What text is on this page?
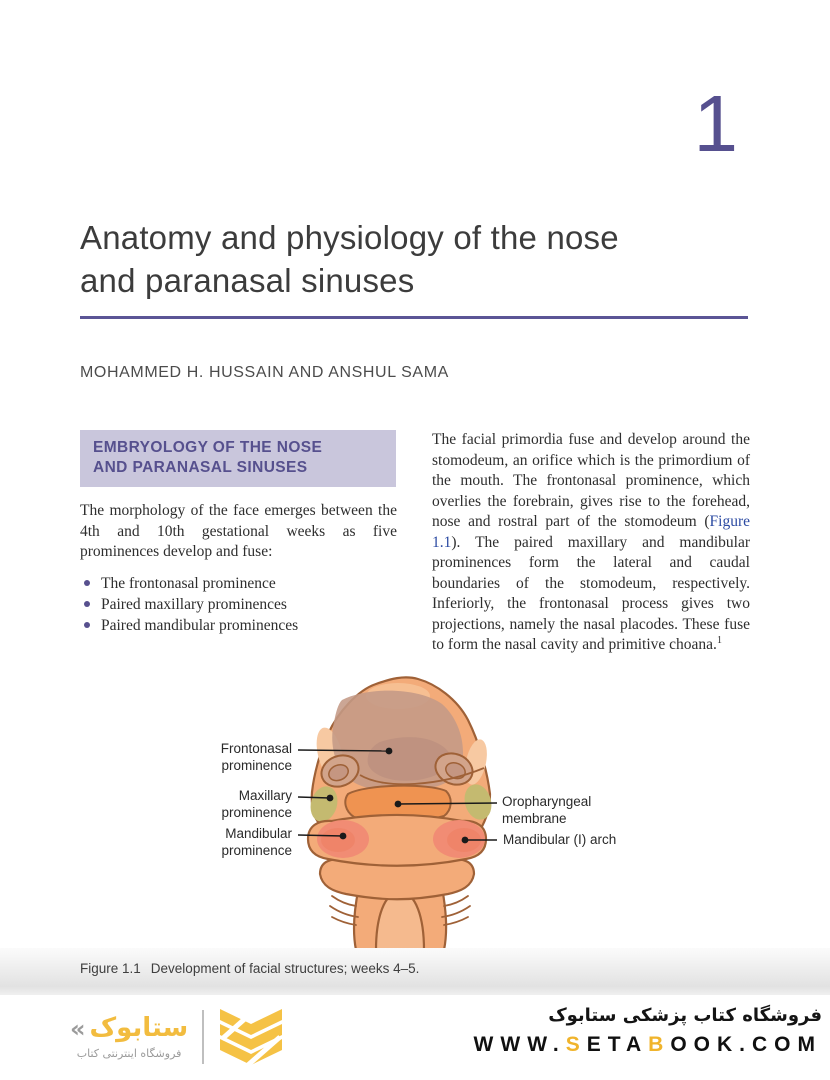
1
Anatomy and physiology of the nose
and paranasal sinuses
MOHAMMED H. HUSSAIN AND ANSHUL SAMA
EMBRYOLOGY OF THE NOSE
AND PARANASAL SINUSES

The morphology of the face emerges between the 4th and 10th gestational weeks as five prominences develop and fuse:

The frontonasal prominence
Paired maxillary prominences
Paired mandibular prominences

The facial primordia fuse and develop around the stomodeum, an orifice which is the primordium of the mouth. The frontonasal prominence, which overlies the forebrain, gives rise to the forehead, nose and rostral part of the stomodeum (Figure 1.1). The paired maxillary and mandibular prominences form the lateral and caudal boundaries of the stomodeum, respectively. Inferiorly, the frontonasal process gives two projections, namely the nasal placodes. These fuse to form the nasal cavity and primitive choana.$^1$

Frontonasal
prominence
Maxillary
prominence
Mandibular
prominence
Oropharyngeal
membrane
Mandibular (I) arch
Figure 1.1 Development of facial structures; weeks 4–5.
« ستابوک
فروشگاه اینترنتی کتاب
فروشگاه کتاب پزشکی ستابوک
WWW.SETABOOK.COM
